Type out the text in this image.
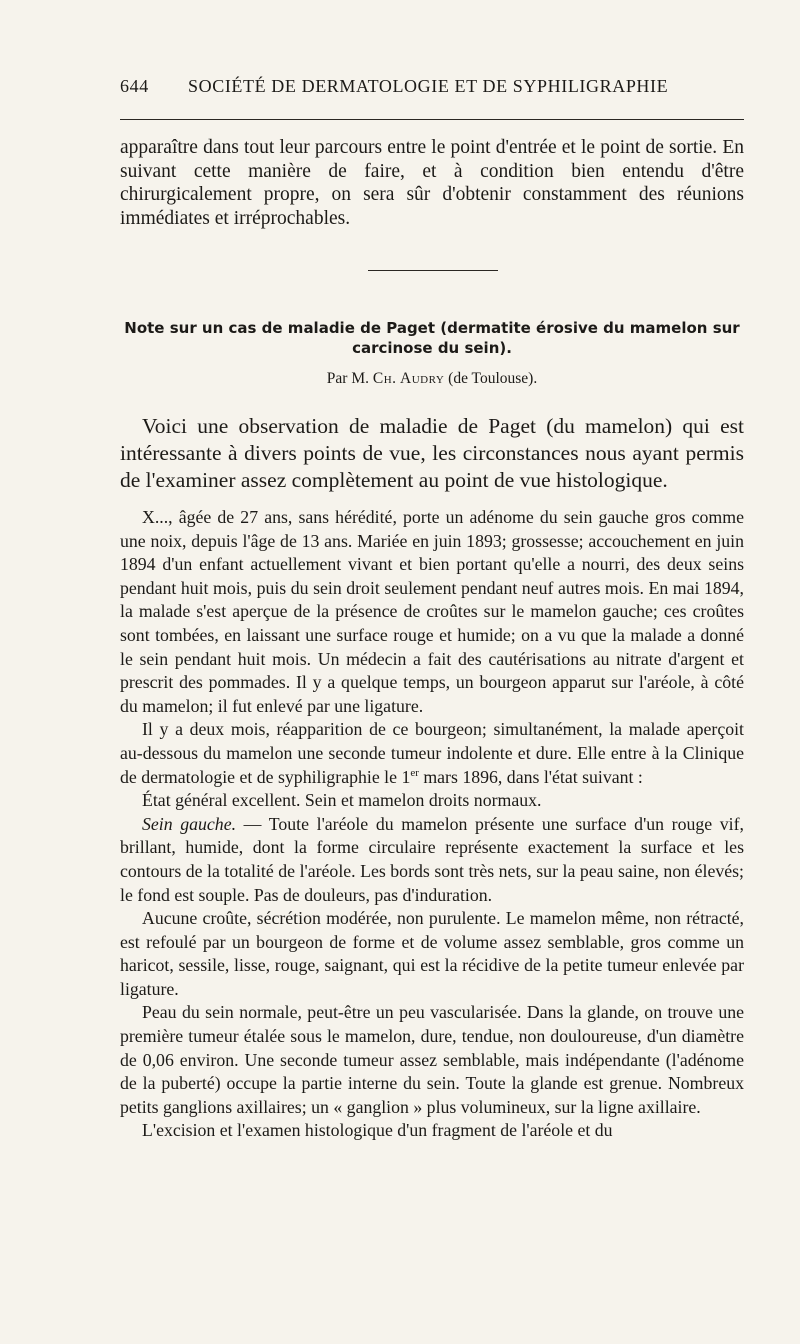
644 SOCIÉTÉ DE DERMATOLOGIE ET DE SYPHILIGRAPHIE

apparaître dans tout leur parcours entre le point d'entrée et le point de sortie. En suivant cette manière de faire, et à condition bien entendu d'être chirurgicalement propre, on sera sûr d'obtenir constamment des réunions immédiates et irréprochables.

Note sur un cas de maladie de Paget (dermatite érosive du mamelon sur carcinose du sein).
Par M. Ch. Audry (de Toulouse).

Voici une observation de maladie de Paget (du mamelon) qui est intéressante à divers points de vue, les circonstances nous ayant permis de l'examiner assez complètement au point de vue histologique.

X..., âgée de 27 ans, sans hérédité, porte un adénome du sein gauche gros comme une noix, depuis l'âge de 13 ans. Mariée en juin 1893; grossesse; accouchement en juin 1894 d'un enfant actuellement vivant et bien portant qu'elle a nourri, des deux seins pendant huit mois, puis du sein droit seulement pendant neuf autres mois. En mai 1894, la malade s'est aperçue de la présence de croûtes sur le mamelon gauche; ces croûtes sont tombées, en laissant une surface rouge et humide; on a vu que la malade a donné le sein pendant huit mois. Un médecin a fait des cautérisations au nitrate d'argent et prescrit des pommades. Il y a quelque temps, un bourgeon apparut sur l'aréole, à côté du mamelon; il fut enlevé par une ligature.

Il y a deux mois, réapparition de ce bourgeon; simultanément, la malade aperçoit au-dessous du mamelon une seconde tumeur indolente et dure. Elle entre à la Clinique de dermatologie et de syphiligraphie le 1er mars 1896, dans l'état suivant :

État général excellent. Sein et mamelon droits normaux.

Sein gauche. — Toute l'aréole du mamelon présente une surface d'un rouge vif, brillant, humide, dont la forme circulaire représente exactement la surface et les contours de la totalité de l'aréole. Les bords sont très nets, sur la peau saine, non élevés; le fond est souple. Pas de douleurs, pas d'induration.

Aucune croûte, sécrétion modérée, non purulente. Le mamelon même, non rétracté, est refoulé par un bourgeon de forme et de volume assez semblable, gros comme un haricot, sessile, lisse, rouge, saignant, qui est la récidive de la petite tumeur enlevée par ligature.

Peau du sein normale, peut-être un peu vascularisée. Dans la glande, on trouve une première tumeur étalée sous le mamelon, dure, tendue, non douloureuse, d'un diamètre de 0,06 environ. Une seconde tumeur assez semblable, mais indépendante (l'adénome de la puberté) occupe la partie interne du sein. Toute la glande est grenue. Nombreux petits ganglions axillaires; un « ganglion » plus volumineux, sur la ligne axillaire.

L'excision et l'examen histologique d'un fragment de l'aréole et du
